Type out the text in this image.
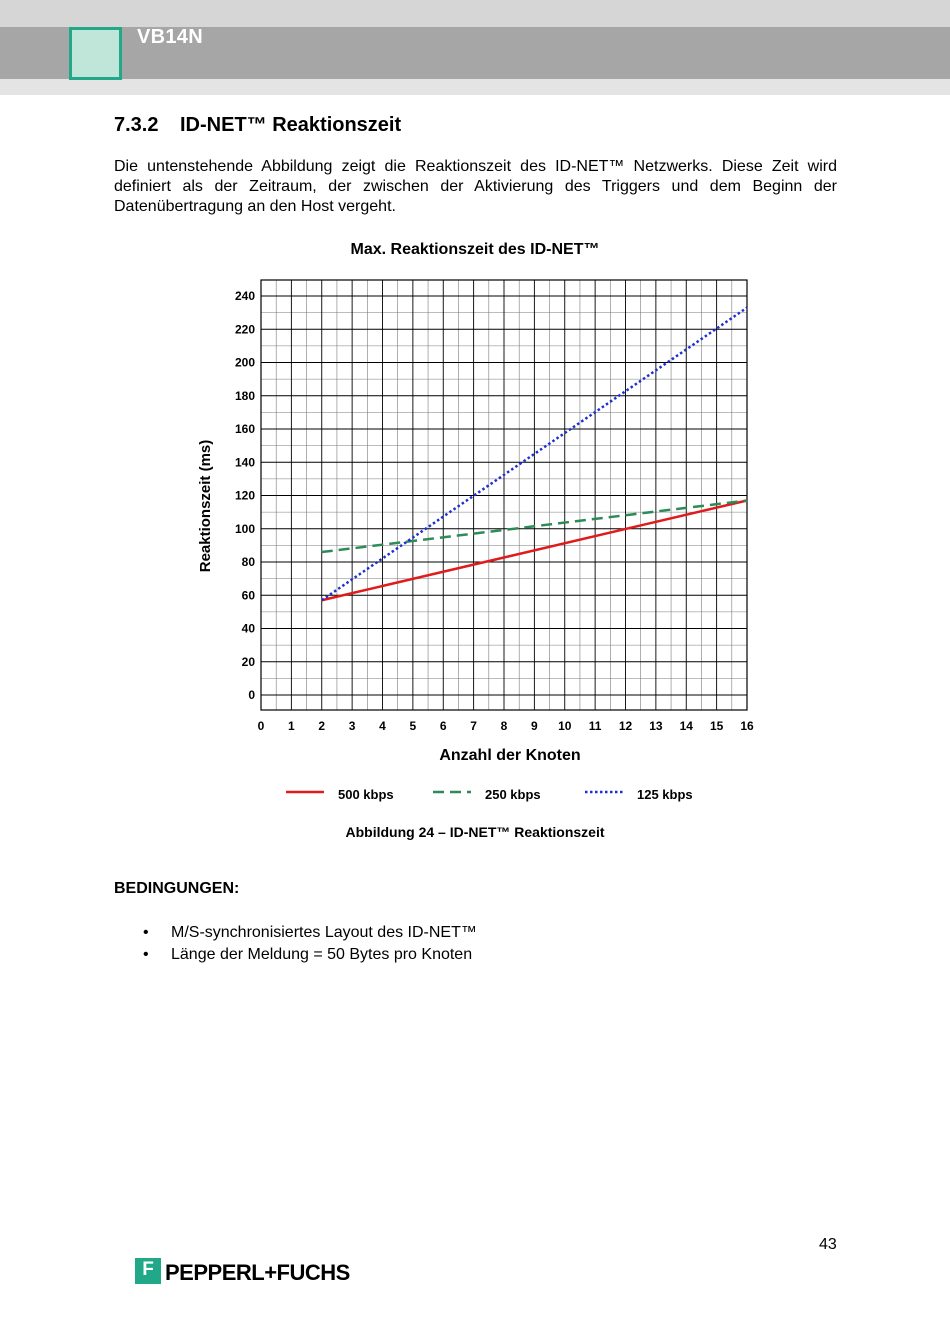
VB14N
7.3.2 ID-NET™ Reaktionszeit
Die untenstehende Abbildung zeigt die Reaktionszeit des ID-NET™ Netzwerks. Diese Zeit wird definiert als der Zeitraum, der zwischen der Aktivierung des Triggers und dem Beginn der Datenübertragung an den Host vergeht.
Max. Reaktionszeit des ID-NET™
0
20
40
60
80
100
120
140
160
180
200
220
240
0 1 2 3 4 5 6 7 8 9 10 11 12 13 14 15 16
Anzahl der Knoten
Reaktionszeit (ms)
500 kbps	250 kbps	125 kbps
Abbildung 24 – ID-NET™ Reaktionszeit
BEDINGUNGEN:
• M/S-synchronisiertes Layout des ID-NET™
• Länge der Meldung = 50 Bytes pro Knoten
43
F PEPPERL+FUCHS
